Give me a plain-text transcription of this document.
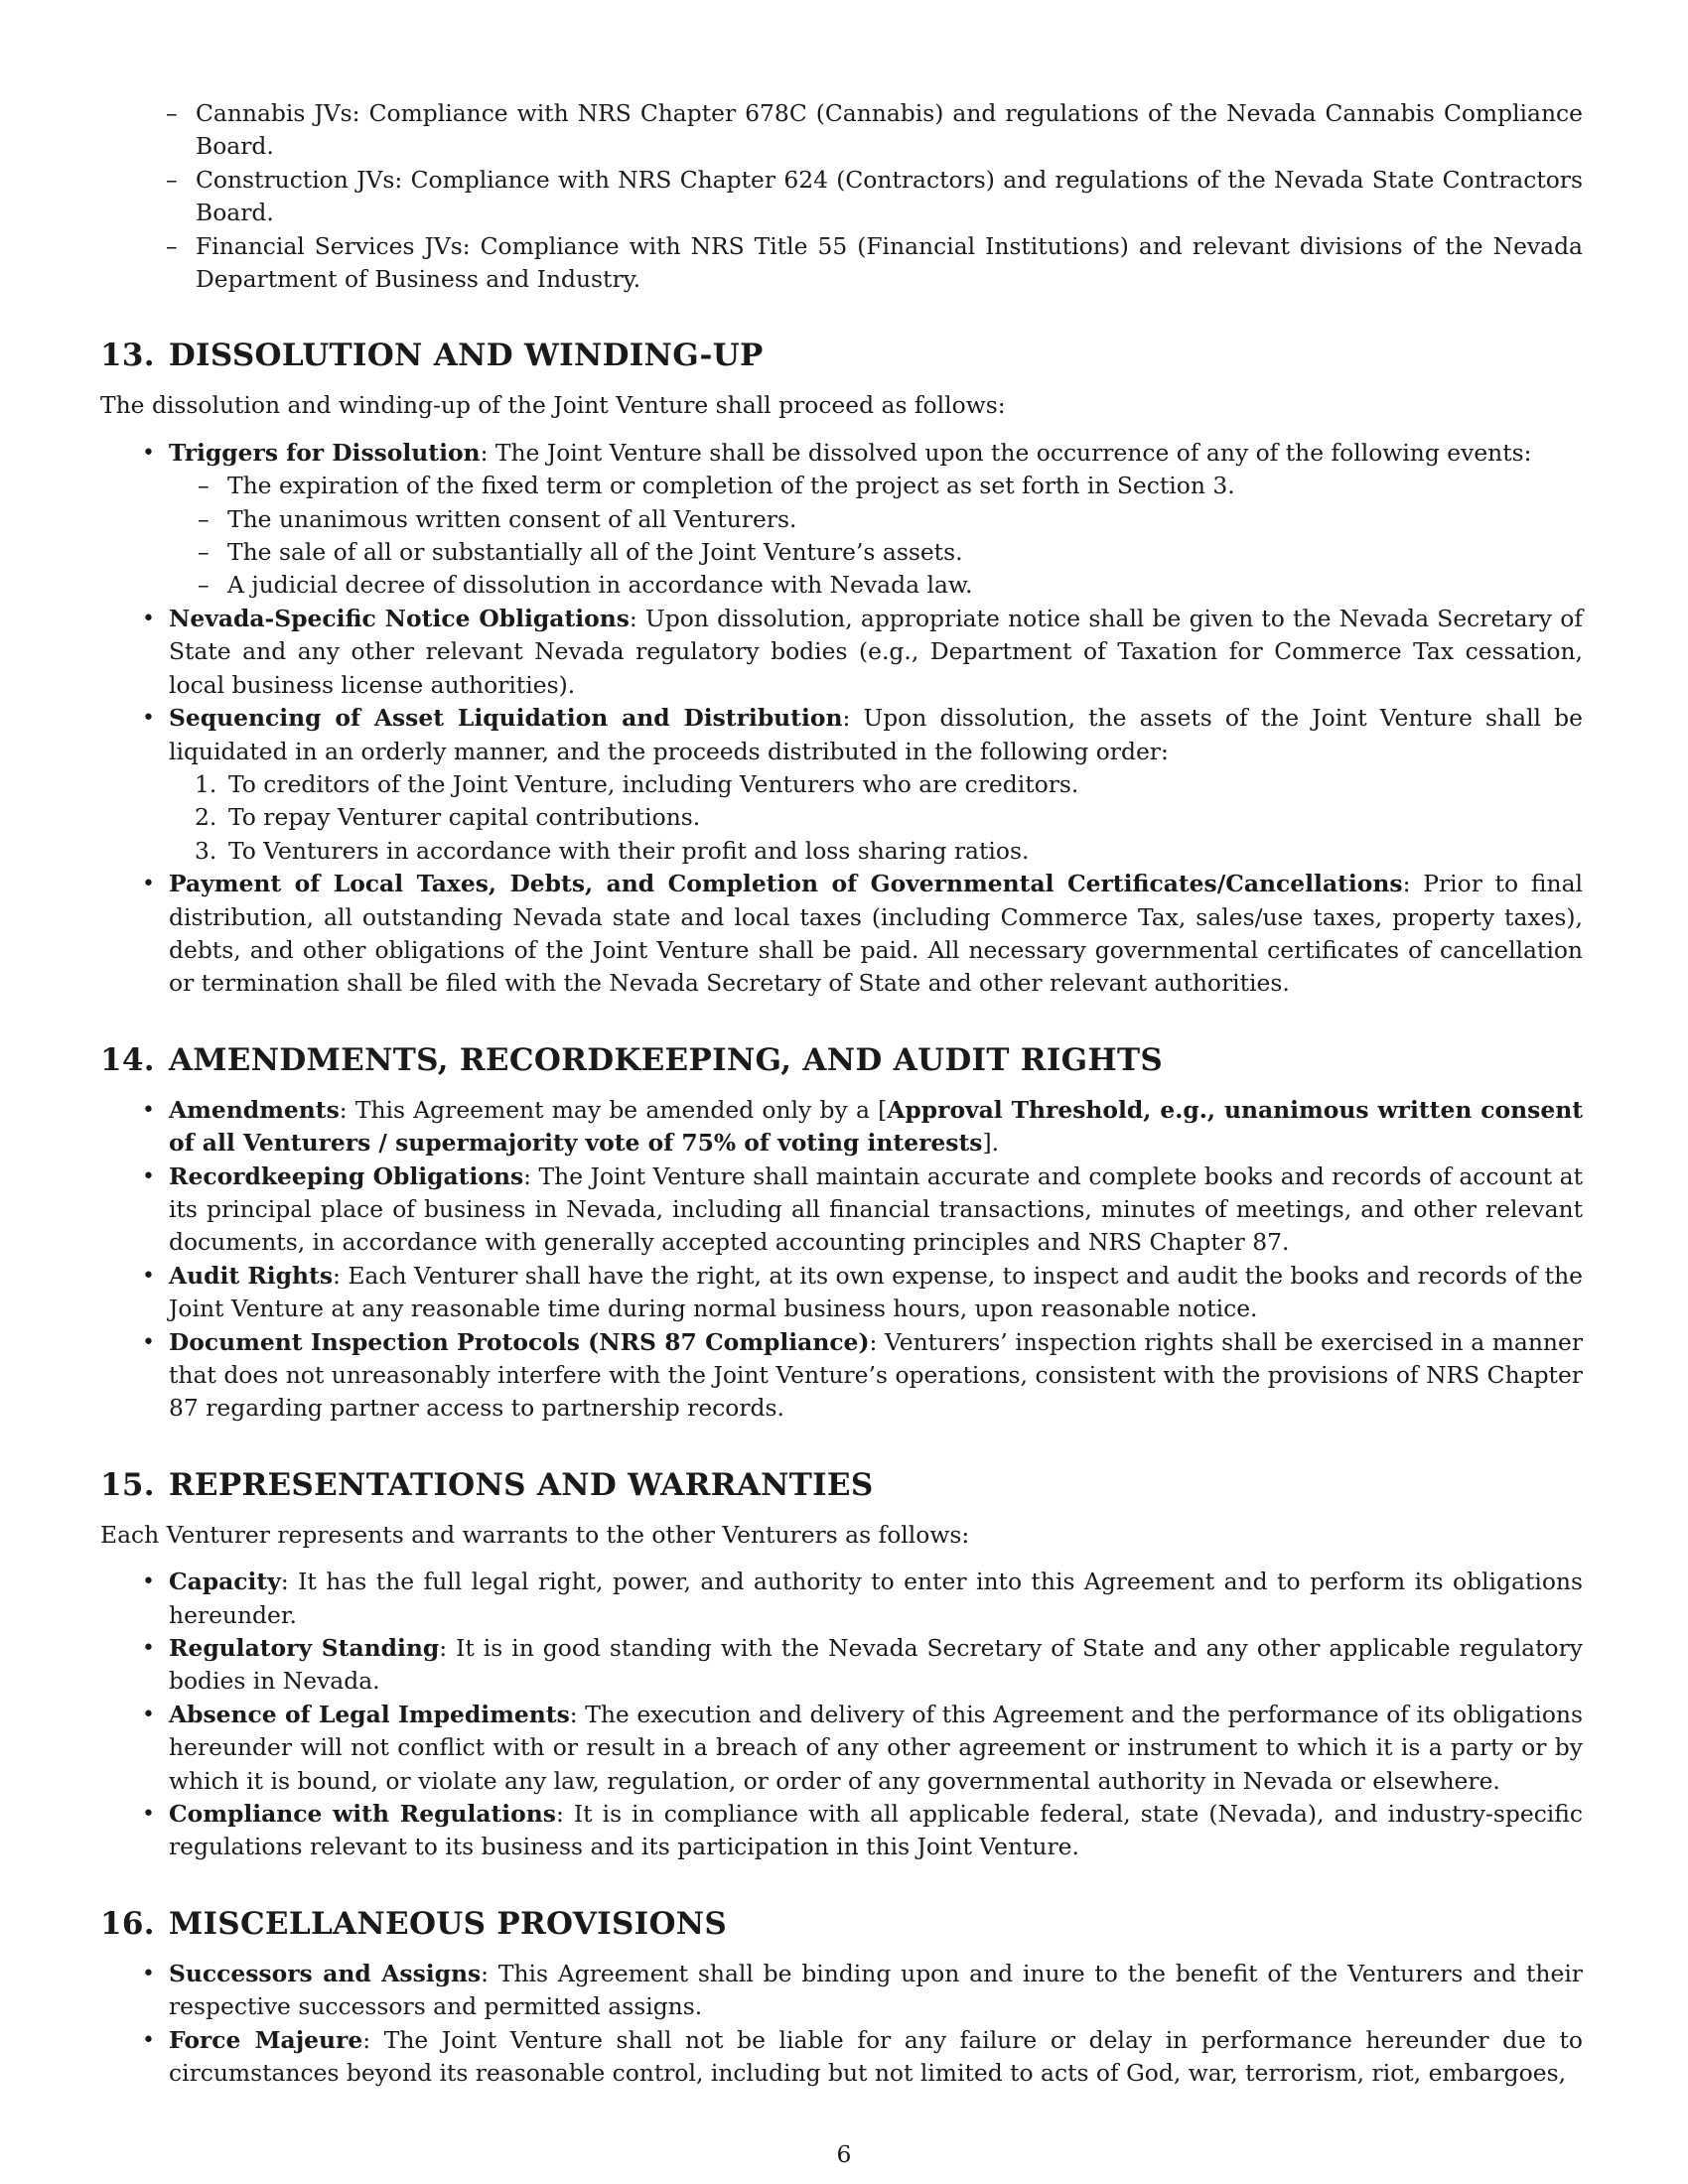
– Cannabis JVs: Compliance with NRS Chapter 678C (Cannabis) and regulations of the Nevada Cannabis Compliance Board.
– Construction JVs: Compliance with NRS Chapter 624 (Contractors) and regulations of the Nevada State Contractors Board.
– Financial Services JVs: Compliance with NRS Title 55 (Financial Institutions) and relevant divisions of the Nevada Department of Business and Industry.
13. DISSOLUTION AND WINDING-UP

The dissolution and winding-up of the Joint Venture shall proceed as follows:

• Triggers for Dissolution: The Joint Venture shall be dissolved upon the occurrence of any of the following events:
– The expiration of the fixed term or completion of the project as set forth in Section 3.
– The unanimous written consent of all Venturers.
– The sale of all or substantially all of the Joint Venture’s assets.
– A judicial decree of dissolution in accordance with Nevada law.
• Nevada-Specific Notice Obligations: Upon dissolution, appropriate notice shall be given to the Nevada Secretary of State and any other relevant Nevada regulatory bodies (e.g., Department of Taxation for Commerce Tax cessation, local business license authorities).
• Sequencing of Asset Liquidation and Distribution: Upon dissolution, the assets of the Joint Venture shall be liquidated in an orderly manner, and the proceeds distributed in the following order:
1. To creditors of the Joint Venture, including Venturers who are creditors.
2. To repay Venturer capital contributions.
3. To Venturers in accordance with their profit and loss sharing ratios.
• Payment of Local Taxes, Debts, and Completion of Governmental Certificates/Cancellations: Prior to final distribution, all outstanding Nevada state and local taxes (including Commerce Tax, sales/use taxes, property taxes), debts, and other obligations of the Joint Venture shall be paid. All necessary governmental certificates of cancellation or termination shall be filed with the Nevada Secretary of State and other relevant authorities.
14. AMENDMENTS, RECORDKEEPING, AND AUDIT RIGHTS
• Amendments: This Agreement may be amended only by a [Approval Threshold, e.g., unanimous written consent of all Venturers / supermajority vote of 75% of voting interests].
• Recordkeeping Obligations: The Joint Venture shall maintain accurate and complete books and records of account at its principal place of business in Nevada, including all financial transactions, minutes of meetings, and other relevant documents, in accordance with generally accepted accounting principles and NRS Chapter 87.
• Audit Rights: Each Venturer shall have the right, at its own expense, to inspect and audit the books and records of the Joint Venture at any reasonable time during normal business hours, upon reasonable notice.
• Document Inspection Protocols (NRS 87 Compliance): Venturers’ inspection rights shall be exercised in a manner that does not unreasonably interfere with the Joint Venture’s operations, consistent with the provisions of NRS Chapter 87 regarding partner access to partnership records.
15. REPRESENTATIONS AND WARRANTIES

Each Venturer represents and warrants to the other Venturers as follows:

• Capacity: It has the full legal right, power, and authority to enter into this Agreement and to perform its obligations hereunder.
• Regulatory Standing: It is in good standing with the Nevada Secretary of State and any other applicable regulatory bodies in Nevada.
• Absence of Legal Impediments: The execution and delivery of this Agreement and the performance of its obligations hereunder will not conflict with or result in a breach of any other agreement or instrument to which it is a party or by which it is bound, or violate any law, regulation, or order of any governmental authority in Nevada or elsewhere.
• Compliance with Regulations: It is in compliance with all applicable federal, state (Nevada), and industry-specific regulations relevant to its business and its participation in this Joint Venture.
16. MISCELLANEOUS PROVISIONS
• Successors and Assigns: This Agreement shall be binding upon and inure to the benefit of the Venturers and their respective successors and permitted assigns.
• Force Majeure: The Joint Venture shall not be liable for any failure or delay in performance hereunder due to circumstances beyond its reasonable control, including but not limited to acts of God, war, terrorism, riot, embargoes,
6
